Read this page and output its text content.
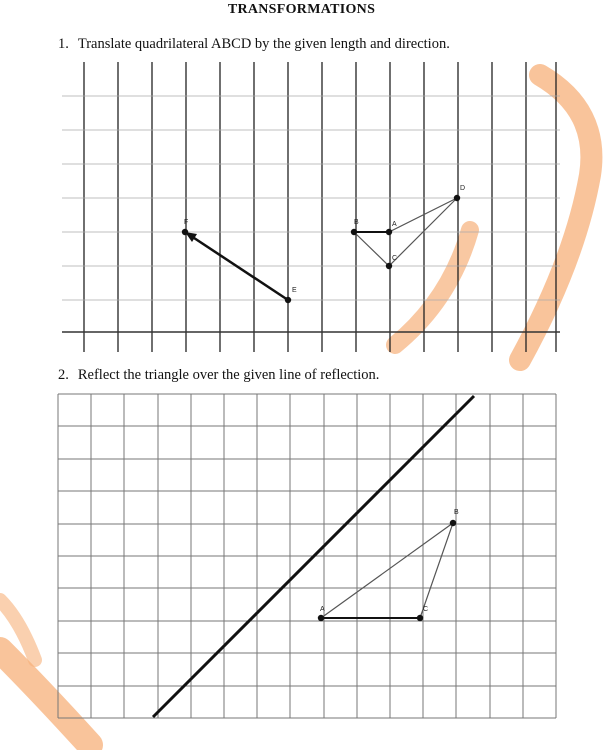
TRANSFORMATIONS
1. Translate quadrilateral ABCD by the given length and direction.
E
F	A
B
C
D
2. Reflect the triangle over the given line of reflection.
A
B
C
